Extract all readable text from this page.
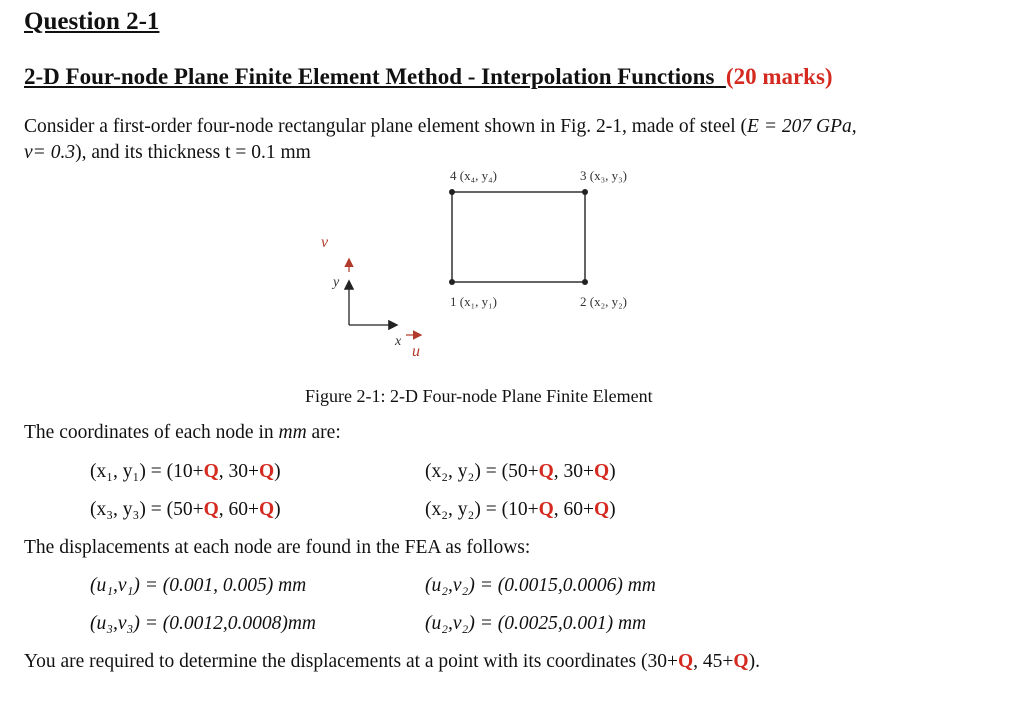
Question 2-1
2-D Four-node Plane Finite Element Method - Interpolation Functions (20 marks)
Consider a first-order four-node rectangular plane element shown in Fig. 2-1, made of steel (E = 207 GPa,
v= 0.3), and its thickness t = 0.1 mm
4 (x₄, y₄)	3 (x₃, y₃)
1 (x₁, y₁)	2 (x₂, y₂)
y
x
v
u
Figure 2-1: 2-D Four-node Plane Finite Element
The coordinates of each node in mm are:
(x₁, y₁) = (10+Q, 30+Q)	(x₂, y₂) = (50+Q, 30+Q)
(x₃, y₃) = (50+Q, 60+Q)	(x₂, y₂) = (10+Q, 60+Q)
The displacements at each node are found in the FEA as follows:
(u₁,v₁) = (0.001, 0.005) mm	(u₂,v₂) = (0.0015,0.0006) mm
(u₃,v₃) = (0.0012,0.0008)mm	(u₂,v₂) = (0.0025,0.001) mm
You are required to determine the displacements at a point with its coordinates (30+Q, 45+Q).
